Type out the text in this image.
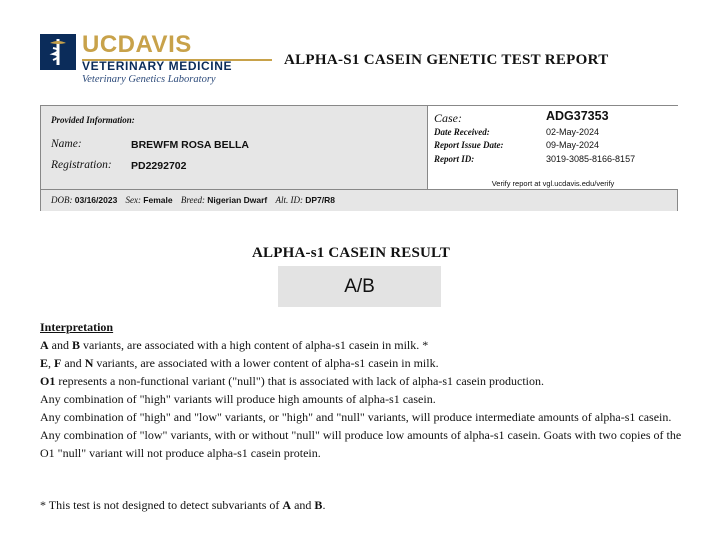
UCDAVIS
VETERINARY MEDICINE
Veterinary Genetics Laboratory
ALPHA-S1 CASEIN GENETIC TEST REPORT
Provided Information:
Name:	BREWFM ROSA BELLA
Registration: PD2292702
Case:	ADG37353
Date Received:	02-May-2024
Report Issue Date:	09-May-2024
Report ID:	3019-3085-8166-8157
Verify report at vgl.ucdavis.edu/verify
DOB: 03/16/2023 Sex: Female Breed: Nigerian Dwarf Alt. ID: DP7/R8
ALPHA-s1 CASEIN RESULT
A/B

Interpretation

A and B variants, are associated with a high content of alpha-s1 casein in milk. *

E, F and N variants, are associated with a lower content of alpha-s1 casein in milk.

O1 represents a non-functional variant ("null") that is associated with lack of alpha-s1 casein production.

Any combination of "high" variants will produce high amounts of alpha-s1 casein.

Any combination of "high" and "low" variants, or "high" and "null" variants, will produce intermediate amounts of alpha-s1 casein.

Any combination of "low" variants, with or without "null" will produce low amounts of alpha-s1 casein. Goats with two copies of the O1 "null" variant will not produce alpha-s1 casein protein.

* This test is not designed to detect subvariants of A and B.
